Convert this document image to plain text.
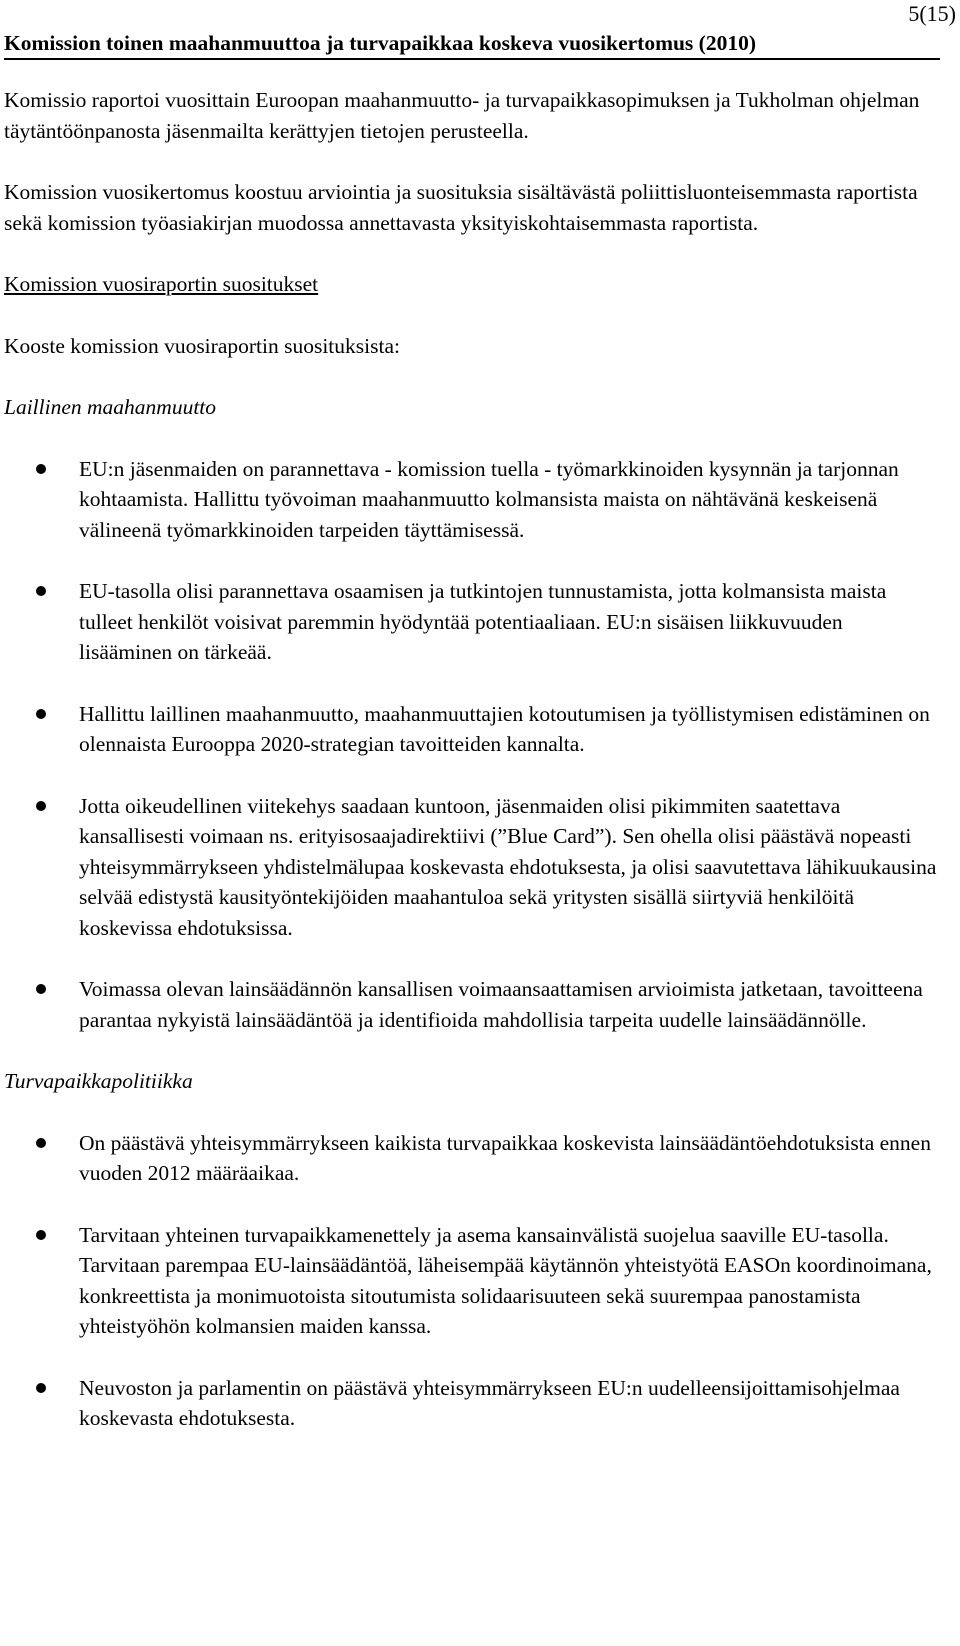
5(15)
Komission toinen maahanmuuttoa ja turvapaikkaa koskeva vuosikertomus (2010)

Komissio raportoi vuosittain Euroopan maahanmuutto- ja turvapaikkasopimuksen ja Tukholman ohjelman täytäntöönpanosta jäsenmailta kerättyjen tietojen perusteella.

Komission vuosikertomus koostuu arviointia ja suosituksia sisältävästä poliittisluonteisemmasta raportista sekä komission työasiakirjan muodossa annettavasta yksityiskohtaisemmasta raportista.

Komission vuosiraportin suositukset

Kooste komission vuosiraportin suosituksista:

Laillinen maahanmuutto
EU:n jäsenmaiden on parannettava - komission tuella - työmarkkinoiden kysynnän ja tarjonnan kohtaamista. Hallittu työvoiman maahanmuutto kolmansista maista on nähtävänä keskeisenä välineenä työmarkkinoiden tarpeiden täyttämisessä.
EU-tasolla olisi parannettava osaamisen ja tutkintojen tunnustamista, jotta kolmansista maista tulleet henkilöt voisivat paremmin hyödyntää potentiaaliaan. EU:n sisäisen liikkuvuuden lisääminen on tärkeää.
Hallittu laillinen maahanmuutto, maahanmuuttajien kotoutumisen ja työllistymisen edistäminen on olennaista Eurooppa 2020-strategian tavoitteiden kannalta.
Jotta oikeudellinen viitekehys saadaan kuntoon, jäsenmaiden olisi pikimmiten saatettava kansallisesti voimaan ns. erityisosaajadirektiivi (”Blue Card”). Sen ohella olisi päästävä nopeasti yhteisymmärrykseen yhdistelmälupaa koskevasta ehdotuksesta, ja olisi saavutettava lähikuukausina selvää edistystä kausityöntekijöiden maahantuloa sekä yritysten sisällä siirtyviä henkilöitä koskevissa ehdotuksissa.
Voimassa olevan lainsäädännön kansallisen voimaansaattamisen arvioimista jatketaan, tavoitteena parantaa nykyistä lainsäädäntöä ja identifioida mahdollisia tarpeita uudelle lainsäädännölle.
Turvapaikkapolitiikka
On päästävä yhteisymmärrykseen kaikista turvapaikkaa koskevista lainsäädäntöehdotuksista ennen vuoden 2012 määräaikaa.
Tarvitaan yhteinen turvapaikkamenettely ja asema kansainvälistä suojelua saaville EU-tasolla. Tarvitaan parempaa EU-lainsäädäntöä, läheisempää käytännön yhteistyötä EASOn koordinoimana, konkreettista ja monimuotoista sitoutumista solidaarisuuteen sekä suurempaa panostamista yhteistyöhön kolmansien maiden kanssa.
Neuvoston ja parlamentin on päästävä yhteisymmärrykseen EU:n uudelleensijoittamisohjelmaa koskevasta ehdotuksesta.
